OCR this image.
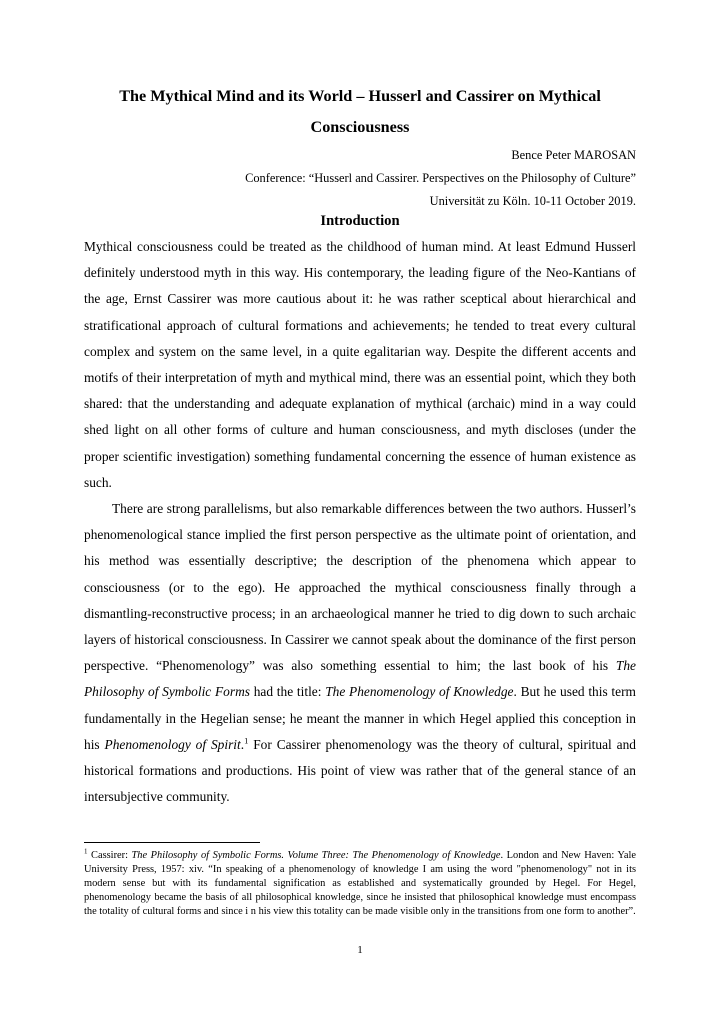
The Mythical Mind and its World – Husserl and Cassirer on Mythical
Consciousness
Bence Peter MAROSAN
Conference: “Husserl and Cassirer. Perspectives on the Philosophy of Culture”
Universität zu Köln. 10-11 October 2019.
Introduction

Mythical consciousness could be treated as the childhood of human mind. At least Edmund Husserl definitely understood myth in this way. His contemporary, the leading figure of the Neo-Kantians of the age, Ernst Cassirer was more cautious about it: he was rather sceptical about hierarchical and stratificational approach of cultural formations and achievements; he tended to treat every cultural complex and system on the same level, in a quite egalitarian way. Despite the different accents and motifs of their interpretation of myth and mythical mind, there was an essential point, which they both shared: that the understanding and adequate explanation of mythical (archaic) mind in a way could shed light on all other forms of culture and human consciousness, and myth discloses (under the proper scientific investigation) something fundamental concerning the essence of human existence as such.

There are strong parallelisms, but also remarkable differences between the two authors. Husserl’s phenomenological stance implied the first person perspective as the ultimate point of orientation, and his method was essentially descriptive; the description of the phenomena which appear to consciousness (or to the ego). He approached the mythical consciousness finally through a dismantling-reconstructive process; in an archaeological manner he tried to dig down to such archaic layers of historical consciousness. In Cassirer we cannot speak about the dominance of the first person perspective. “Phenomenology” was also something essential to him; the last book of his The Philosophy of Symbolic Forms had the title: The Phenomenology of Knowledge. But he used this term fundamentally in the Hegelian sense; he meant the manner in which Hegel applied this conception in his Phenomenology of Spirit.$^1$ For Cassirer phenomenology was the theory of cultural, spiritual and historical formations and productions. His point of view was rather that of the general stance of an intersubjective community.

$^1$ Cassirer: The Philosophy of Symbolic Forms. Volume Three: The Phenomenology of Knowledge. London and New Haven: Yale University Press, 1957: xiv. “In speaking of a phenomenology of knowledge I am using the word "phenomenology" not in its modern sense but with its fundamental signification as established and systematically grounded by Hegel. For Hegel, phenomenology became the basis of all philosophical knowledge, since he insisted that philosophical knowledge must encompass the totality of cultural forms and since i n his view this totality can be made visible only in the transitions from one form to another”.
1
